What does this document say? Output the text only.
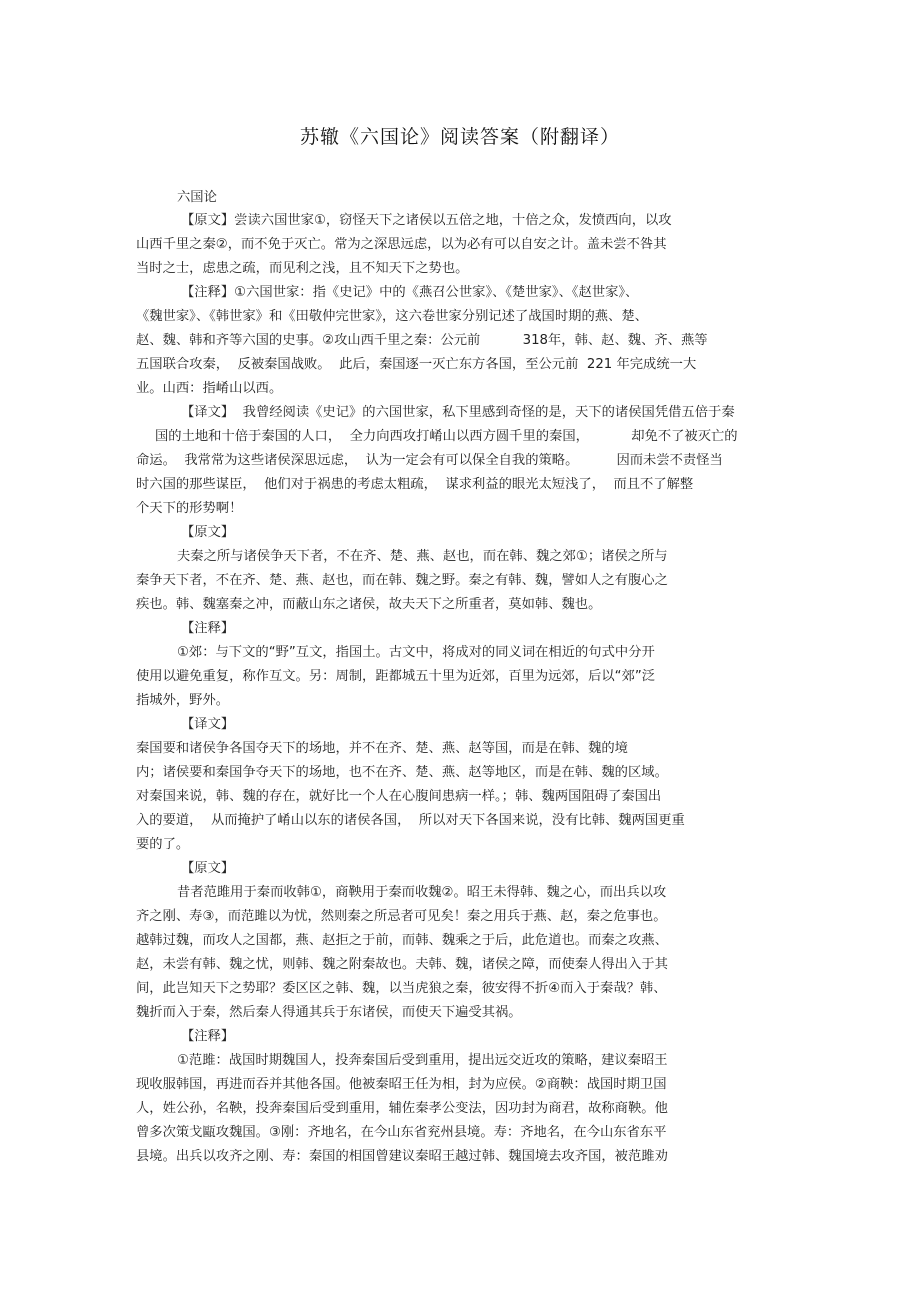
苏辙《六国论》阅读答案（附翻译）
六国论
【原文】尝读六国世家①，窃怪天下之诸侯以五倍之地，十倍之众，发愤西向，以攻
山西千里之秦②，而不免于灭亡。常为之深思远虑，以为必有可以自安之计。盖未尝不咎其
当时之士，虑患之疏，而见利之浅，且不知天下之势也。
【注释】①六国世家：指《史记》中的《燕召公世家》、《楚世家》、《赵世家》、
《魏世家》、《韩世家》和《田敬仲完世家》，这六卷世家分别记述了战国时期的燕、楚、
赵、魏、韩和齐等六国的史事。②攻山西千里之秦：公元前          318年，韩、赵、魏、齐、燕等
五国联合攻秦，  反被秦国战败。  此后，秦国逐一灭亡东方各国，至公元前  221 年完成统一大
业。山西：指崤山以西。
【译文】  我曾经阅读《史记》的六国世家，私下里感到奇怪的是，天下的诸侯国凭借五倍于秦
国的土地和十倍于秦国的人口，  全力向西攻打崤山以西方圆千里的秦国，          却免不了被灭亡的
命运。  我常常为这些诸侯深思远虑，  认为一定会有可以保全自我的策略。         因而未尝不责怪当
时六国的那些谋臣，  他们对于祸患的考虑太粗疏，  谋求利益的眼光太短浅了，  而且不了解整
个天下的形势啊！
【原文】
夫秦之所与诸侯争天下者，不在齐、楚、燕、赵也，而在韩、魏之郊①；诸侯之所与
秦争天下者，不在齐、楚、燕、赵也，而在韩、魏之野。秦之有韩、魏，譬如人之有腹心之
疾也。韩、魏塞秦之冲，而蔽山东之诸侯，故夫天下之所重者，莫如韩、魏也。
【注释】
①郊：与下文的“野”互文，指国土。古文中，将成对的同义词在相近的句式中分开
使用以避免重复，称作互文。另：周制，距都城五十里为近郊，百里为远郊，后以“郊”泛
指城外，野外。
【译文】
秦国要和诸侯争各国夺天下的场地，并不在齐、楚、燕、赵等国，而是在韩、魏的境
内；诸侯要和秦国争夺天下的场地，也不在齐、楚、燕、赵等地区，而是在韩、魏的区域。
对秦国来说，韩、魏的存在，就好比一个人在心腹间患病一样。；韩、魏两国阻碍了秦国出
入的要道，  从而掩护了崤山以东的诸侯各国，  所以对天下各国来说，没有比韩、魏两国更重
要的了。
【原文】
昔者范雎用于秦而收韩①，商鞅用于秦而收魏②。昭王未得韩、魏之心，而出兵以攻
齐之刚、寿③，而范雎以为忧，然则秦之所忌者可见矣！秦之用兵于燕、赵，秦之危事也。
越韩过魏，而攻人之国都，燕、赵拒之于前，而韩、魏乘之于后，此危道也。而秦之攻燕、
赵，未尝有韩、魏之忧，则韩、魏之附秦故也。夫韩、魏，诸侯之障，而使秦人得出入于其
间，此岂知天下之势耶？委区区之韩、魏，以当虎狼之秦，彼安得不折④而入于秦哉？韩、
魏折而入于秦，然后秦人得通其兵于东诸侯，而使天下遍受其祸。
【注释】
①范雎：战国时期魏国人，投奔秦国后受到重用，提出远交近攻的策略，建议秦昭王
现收服韩国，再进而吞并其他各国。他被秦昭王任为相，封为应侯。②商鞅：战国时期卫国
人，姓公孙，名鞅，投奔秦国后受到重用，辅佐秦孝公变法，因功封为商君，故称商鞅。他
曾多次策戈甌攻魏国。③刚：齐地名，在今山东省兖州县境。寿：齐地名，在今山东省东平
县境。出兵以攻齐之刚、寿：秦国的相国曾建议秦昭王越过韩、魏国境去攻齐国，被范雎劝
